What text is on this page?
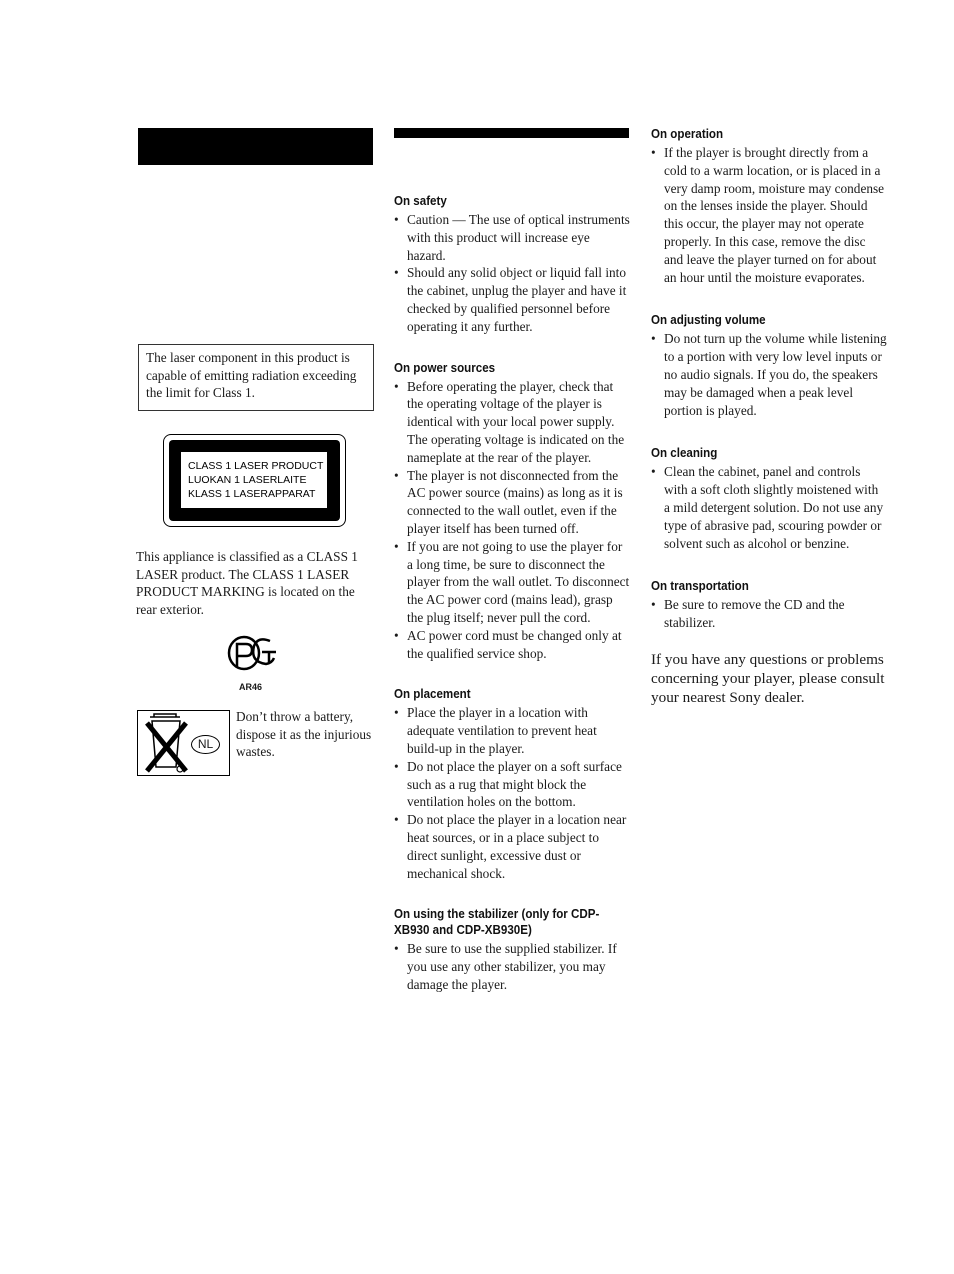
The laser component in this product is capable of emitting radiation exceeding the limit for Class 1.
CLASS 1 LASER PRODUCT
LUOKAN 1 LASERLAITE
KLASS 1 LASERAPPARAT
This appliance is classified as a CLASS 1 LASER product. The CLASS 1 LASER PRODUCT MARKING is located on the rear exterior.
AR46
NL
Don’t throw a battery, dispose it as the injurious wastes.
On safety
• Caution — The use of optical instruments with this product will increase eye hazard.
• Should any solid object or liquid fall into the cabinet, unplug the player and have it checked by qualified personnel before operating it any further.
On power sources
• Before operating the player, check that the operating voltage of the player is identical with your local power supply. The operating voltage is indicated on the nameplate at the rear of the player.
• The player is not disconnected from the AC power source (mains) as long as it is connected to the wall outlet, even if the player itself has been turned off.
• If you are not going to use the player for a long time, be sure to disconnect the player from the wall outlet. To disconnect the AC power cord (mains lead), grasp the plug itself; never pull the cord.
• AC power cord must be changed only at the qualified service shop.
On placement
• Place the player in a location with adequate ventilation to prevent heat build-up in the player.
• Do not place the player on a soft surface such as a rug that might block the ventilation holes on the bottom.
• Do not place the player in a location near heat sources, or in a place subject to direct sunlight, excessive dust or mechanical shock.
On using the stabilizer (only for CDP-XB930 and CDP-XB930E)
• Be sure to use the supplied stabilizer. If you use any other stabilizer, you may damage the player.
On operation
• If the player is brought directly from a cold to a warm location, or is placed in a very damp room, moisture may condense on the lenses inside the player. Should this occur, the player may not operate properly. In this case, remove the disc and leave the player turned on for about an hour until the moisture evaporates.
On adjusting volume
• Do not turn up the volume while listening to a portion with very low level inputs or no audio signals. If you do, the speakers may be damaged when a peak level portion is played.
On cleaning
• Clean the cabinet, panel and controls with a soft cloth slightly moistened with a mild detergent solution. Do not use any type of abrasive pad, scouring powder or solvent such as alcohol or benzine.
On transportation
• Be sure to remove the CD and the stabilizer.
If you have any questions or problems concerning your player, please consult your nearest Sony dealer.
